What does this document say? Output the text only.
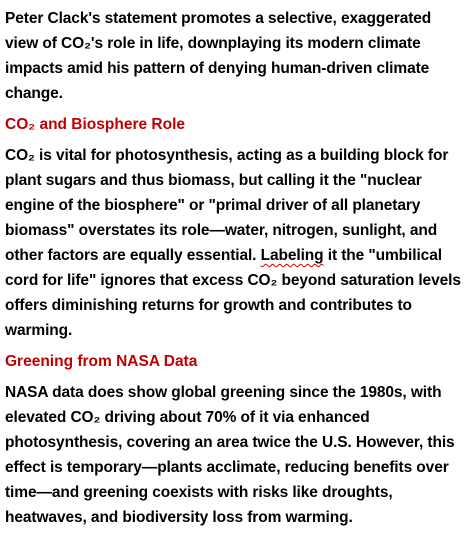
Peter Clack's statement promotes a selective, exaggerated view of CO₂'s role in life, downplaying its modern climate impacts amid his pattern of denying human-driven climate change.

CO₂ and Biosphere Role

CO₂ is vital for photosynthesis, acting as a building block for plant sugars and thus biomass, but calling it the "nuclear engine of the biosphere" or "primal driver of all planetary biomass" overstates its role—water, nitrogen, sunlight, and other factors are equally essential. Labeling it the "umbilical cord for life" ignores that excess CO₂ beyond saturation levels offers diminishing returns for growth and contributes to warming.

Greening from NASA Data

NASA data does show global greening since the 1980s, with elevated CO₂ driving about 70% of it via enhanced photosynthesis, covering an area twice the U.S. However, this effect is temporary—plants acclimate, reducing benefits over time—and greening coexists with risks like droughts, heatwaves, and biodiversity loss from warming.
